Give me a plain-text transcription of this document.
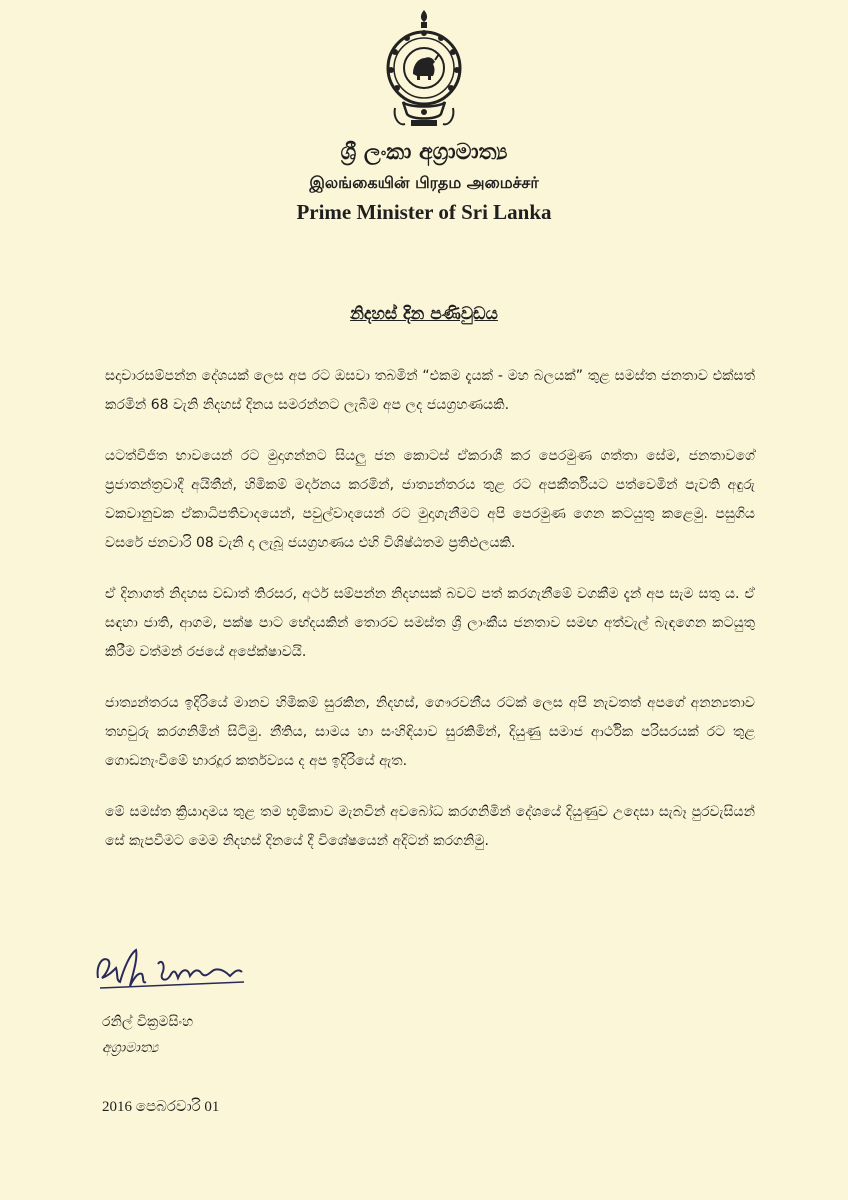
ශ්‍රී ලංකා අග්‍රාමාත්‍ය
இலங்கையின் பிரதம அமைச்சர்
Prime Minister of Sri Lanka
නිදහස් දින පණිවුඩය

සදාචාරසම්පන්න දේශයක් ලෙස අප රට ඔසවා තබමින් “එකම දැයක් - මහ බලයක්” තුළ සමස්ත ජනතාව එක්සත් කරමින් 68 වැනි නිදහස් දිනය සමරන්නට ලැබීම අප ලද ජයග්‍රහණයකි.

යටත්විජිත භාවයෙන් රට මුදාගන්නට සියලු ජන කොටස් ඒකරාශී කර පෙරමුණ ගත්තා සේම, ජනතාවගේ ප්‍රජාතන්ත්‍රවාදී අයිතීන්, හිමිකම් මර්දනය කරමින්, ජාත්‍යන්තරය තුළ රට අපකීර්තියට පත්වෙමින් පැවති අඳුරු වකවානුවක ඒකාධිපතිවාදයෙන්, පවුල්වාදයෙන් රට මුදාගැනීමට අපි පෙරමුණ ගෙන කටයුතු කළෙමු. පසුගිය වසරේ ජනවාරි 08 වැනි දා ලැබූ ජයග්‍රහණය එහි විශිෂ්ඨතම ප්‍රතිඵලයකි.

ඒ දිනාගත් නිදහස වඩාත් තිරසර, අර්ථ සම්පන්න නිදහසක් බවට පත් කරගැනීමේ වගකීම දැන් අප සැම සතු ය. ඒ සඳහා ජාති, ආගම, පක්ෂ පාට භේදයකින් තොරව සමස්ත ශ්‍රී ලාංකීය ජනතාව සමඟ අත්වැල් බැඳගෙන කටයුතු කිරීම වත්මන් රජයේ අපේක්ෂාවයි.

ජාත්‍යන්තරය ඉදිරියේ මානව හිමිකම් සුරකින, නිදහස්, ගෞරවනීය රටක් ලෙස අපි නැවතත් අපගේ අනන්‍යතාව තහවුරු කරගනිමින් සිටිමු. නීතිය, සාමය හා සංහිඳියාව සුරකිමින්, දියුණු සමාජ ආර්ථික පරිසරයක් රට තුළ ගොඩනැංවීමේ භාරදූර කර්තව්‍යය ද අප ඉදිරියේ ඇත.

මේ සමස්ත ක්‍රියාදාමය තුළ තම භූමිකාව මැනවින් අවබෝධ කරගනිමින් දේශයේ දියුණුව උදෙසා සැබෑ පුරවැසියන් සේ කැපවීමට මෙම නිදහස් දිනයේ දී විශේෂයෙන් අදිටන් කරගනිමු.

රනිල් වික්‍රමසිංහ
අග්‍රාමාත්‍ය
2016 පෙබරවාරි 01
